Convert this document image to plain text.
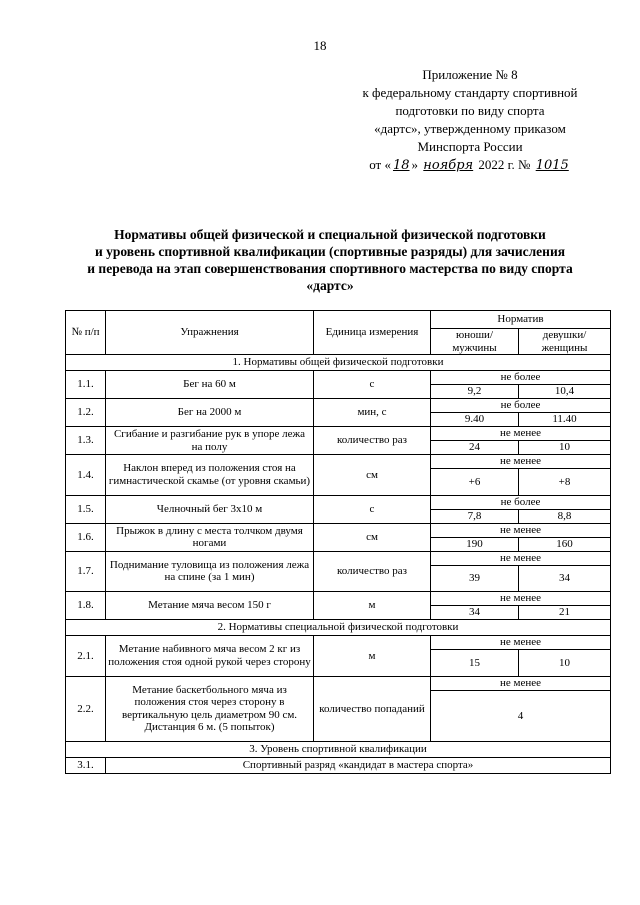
18
Приложение № 8
к федеральному стандарту спортивной
подготовки по виду спорта
«дартс», утвержденному приказом
Минспорта России
от « 18 » ноября 2022 г. № 1015
Нормативы общей физической и специальной физической подготовки
и уровень спортивной квалификации (спортивные разряды) для зачисления
и перевода на этап совершенствования спортивного мастерства по виду спорта
«дартс»
№ п/п	Упражнения	Единица измерения	Норматив	
			юноши/ мужчины	девушки/ женщины
1. Нормативы общей физической подготовки				
1.1.	Бег на 60 м	с	не более	
			9,2	10,4
1.2.	Бег на 2000 м	мин, с	не более	
			9.40	11.40
1.3.	Сгибание и разгибание рук в упоре лежа на полу	количество раз	не менее	
			24	10
1.4.	Наклон вперед из положения стоя на гимнастической скамье (от уровня скамьи)	см	не менее	
			+6	+8
1.5.	Челночный бег 3x10 м	с	не более	
			7,8	8,8
1.6.	Прыжок в длину с места толчком двумя ногами	см	не менее	
			190	160
1.7.	Поднимание туловища из положения лежа на спине (за 1 мин)	количество раз	не менее	
			39	34
1.8.	Метание мяча весом 150 г	м	не менее	
			34	21
2. Нормативы специальной физической подготовки				
2.1.	Метание набивного мяча весом 2 кг из положения стоя одной рукой через сторону	м	не менее	
			15	10
2.2.	Метание баскетбольного мяча из положения стоя через сторону в вертикальную цель диаметром 90 см. Дистанция 6 м. (5 попыток)	количество попаданий	не менее	
			4	
3. Уровень спортивной квалификации				
3.1.	Спортивный разряд «кандидат в мастера спорта»			
